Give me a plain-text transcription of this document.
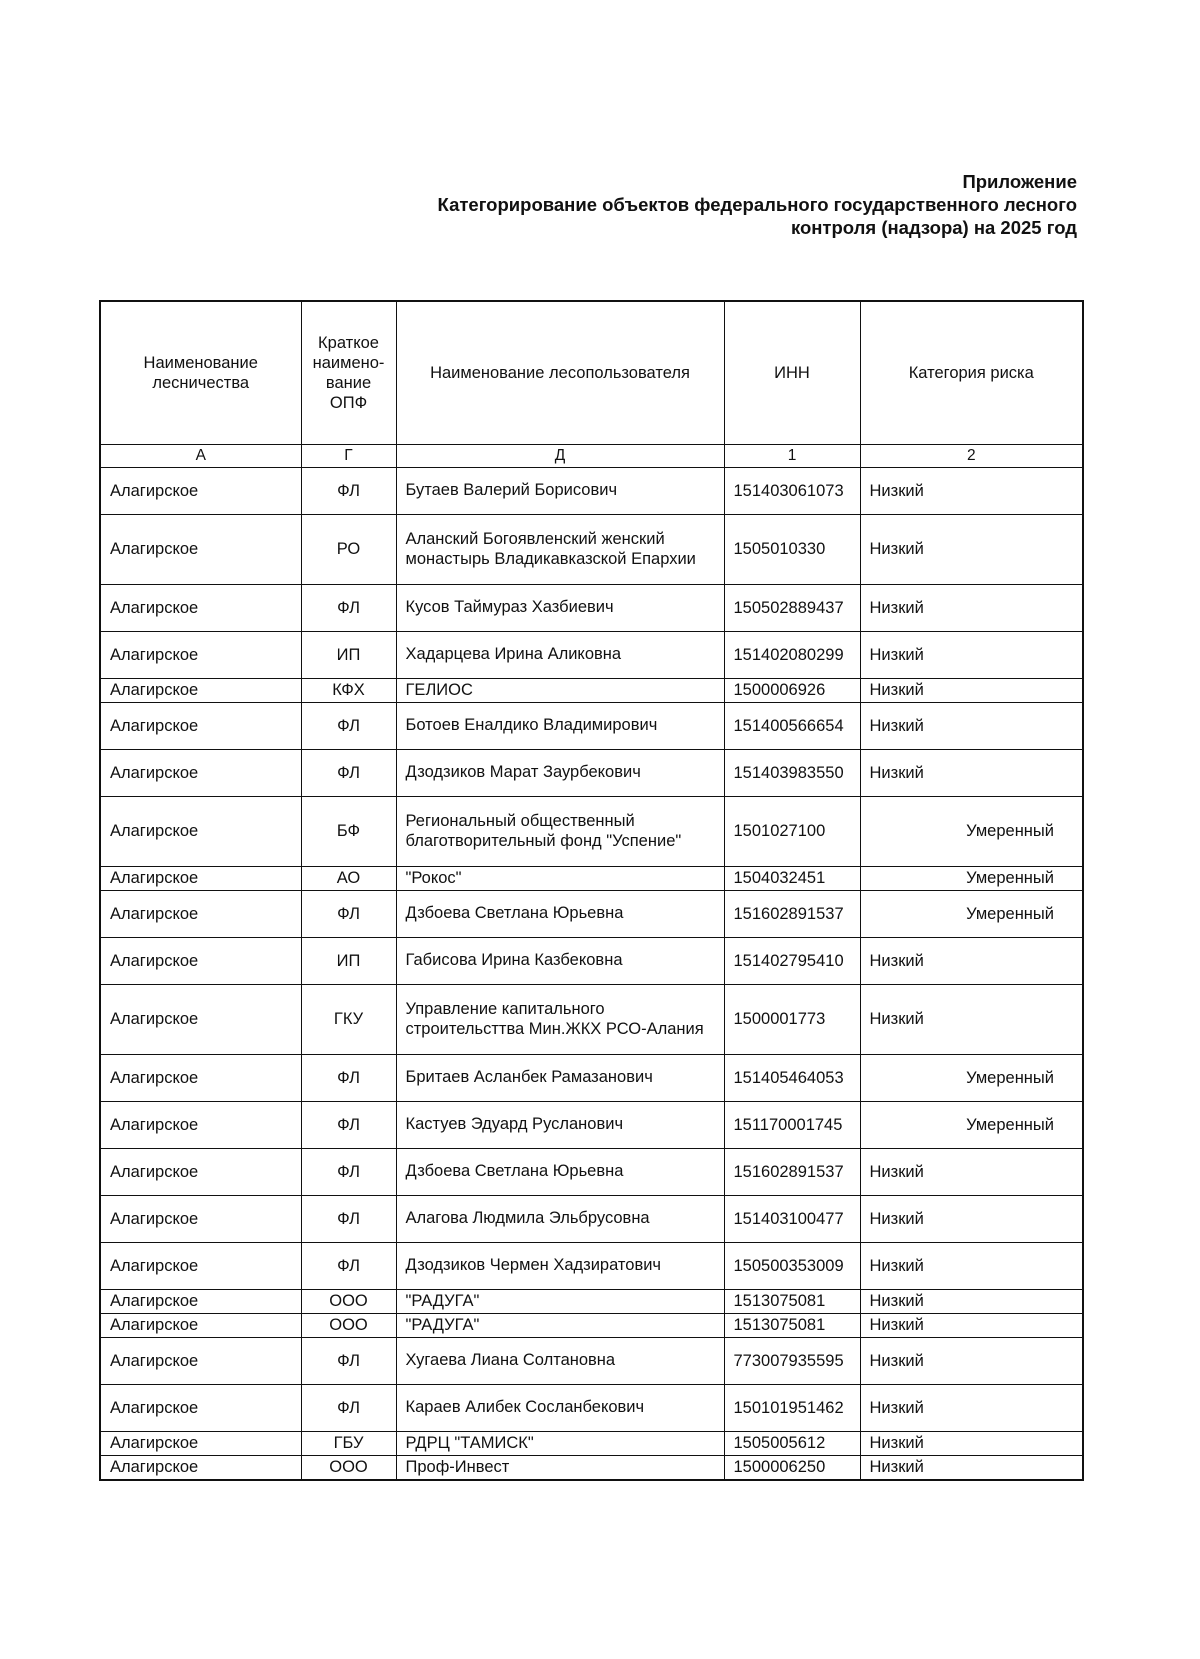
Приложение
Категорирование объектов федерального государственного лесного
контроля (надзора) на 2025 год
Наименование лесничества	Краткое наимено-вание ОПФ	Наименование лесопользователя	ИНН	Категория риска
А	Г	Д	1	2
Алагирское	ФЛ	Бутаев Валерий Борисович	151403061073	Низкий
Алагирское	РО	Аланский Богоявленский женский монастырь Владикавказской Епархии	1505010330	Низкий
Алагирское	ФЛ	Кусов Таймураз Хазбиевич	150502889437	Низкий
Алагирское	ИП	Хадарцева Ирина Аликовна	151402080299	Низкий
Алагирское	КФХ	ГЕЛИОС	1500006926	Низкий
Алагирское	ФЛ	Ботоев Еналдико Владимирович	151400566654	Низкий
Алагирское	ФЛ	Дзодзиков Марат Заурбекович	151403983550	Низкий
Алагирское	БФ	Региональный общественный благотворительный фонд "Успение"	1501027100	Умеренный
Алагирское	АО	"Рокос"	1504032451	Умеренный
Алагирское	ФЛ	Дзбоева Светлана Юрьевна	151602891537	Умеренный
Алагирское	ИП	Габисова Ирина Казбековна	151402795410	Низкий
Алагирское	ГКУ	Управление капитального строительсттва Мин.ЖКХ РСО-Алания	1500001773	Низкий
Алагирское	ФЛ	Бритаев Асланбек Рамазанович	151405464053	Умеренный
Алагирское	ФЛ	Кастуев Эдуард Русланович	151170001745	Умеренный
Алагирское	ФЛ	Дзбоева Светлана Юрьевна	151602891537	Низкий
Алагирское	ФЛ	Алагова Людмила Эльбрусовна	151403100477	Низкий
Алагирское	ФЛ	Дзодзиков Чермен Хадзиратович	150500353009	Низкий
Алагирское	ООО	"РАДУГА"	1513075081	Низкий
Алагирское	ООО	"РАДУГА"	1513075081	Низкий
Алагирское	ФЛ	Хугаева Лиана Солтановна	773007935595	Низкий
Алагирское	ФЛ	Караев Алибек Сосланбекович	150101951462	Низкий
Алагирское	ГБУ	РДРЦ "ТАМИСК"	1505005612	Низкий
Алагирское	ООО	Проф-Инвест	1500006250	Низкий
